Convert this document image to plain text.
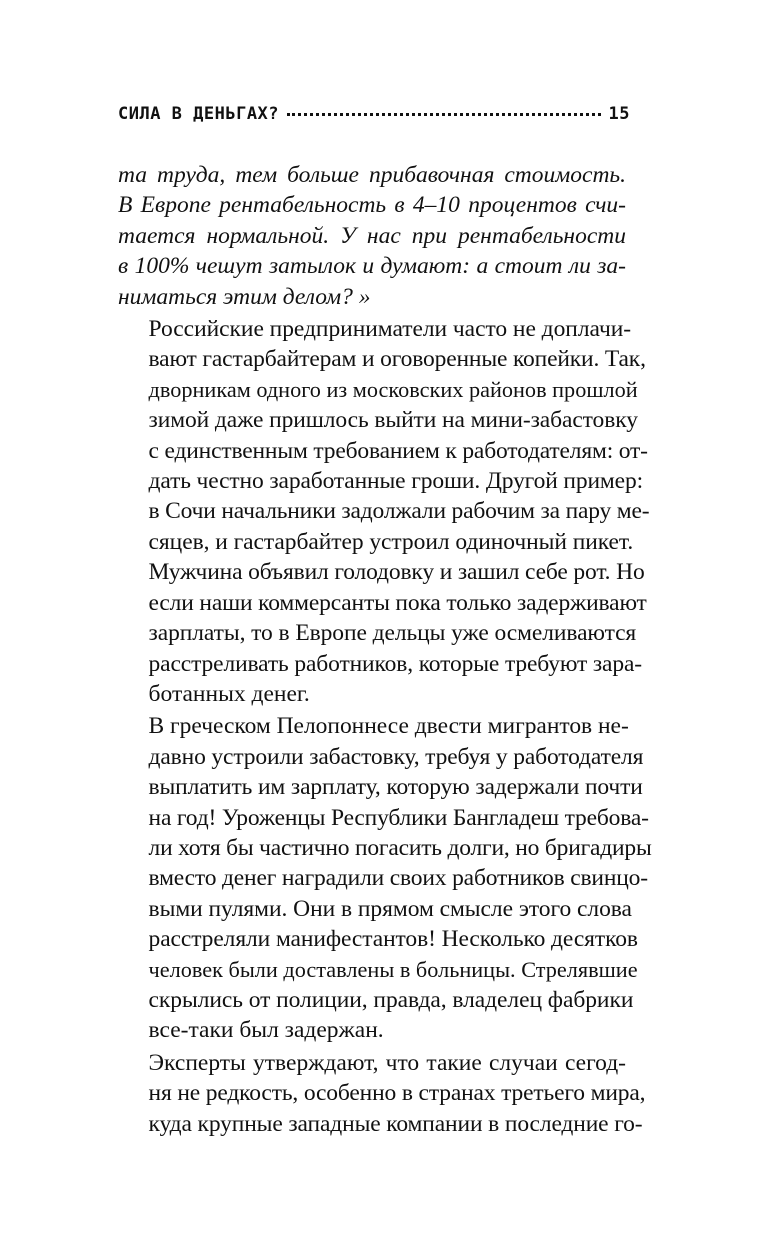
СИЛА В ДЕНЬГАХ?	15

та труда, тем больше прибавочная стоимость.
В Европе рентабельность в 4–10 процентов счи-
тается нормальной. У нас при рентабельности
в 100% чешут затылок и думают: а стоит ли за-
ниматься этим делом? »

Российские предприниматели часто не доплачи-
вают гастарбайтерам и оговоренные копейки. Так,
дворникам одного из московских районов прошлой
зимой даже пришлось выйти на мини-забастовку
с единственным требованием к работодателям: от-
дать честно заработанные гроши. Другой пример:
в Сочи начальники задолжали рабочим за пару ме-
сяцев, и гастарбайтер устроил одиночный пикет.
Мужчина объявил голодовку и зашил себе рот. Но
если наши коммерсанты пока только задерживают
зарплаты, то в Европе дельцы уже осмеливаются
расстреливать работников, которые требуют зара-
ботанных денег.

В греческом Пелопоннесе двести мигрантов не-
давно устроили забастовку, требуя у работодателя
выплатить им зарплату, которую задержали почти
на год! Уроженцы Республики Бангладеш требова-
ли хотя бы частично погасить долги, но бригадиры
вместо денег наградили своих работников свинцо-
выми пулями. Они в прямом смысле этого слова
расстреляли манифестантов! Несколько десятков
человек были доставлены в больницы. Стрелявшие
скрылись от полиции, правда, владелец фабрики
все-таки был задержан.

Эксперты утверждают, что такие случаи сегод-
ня не редкость, особенно в странах третьего мира,
куда крупные западные компании в последние го-
